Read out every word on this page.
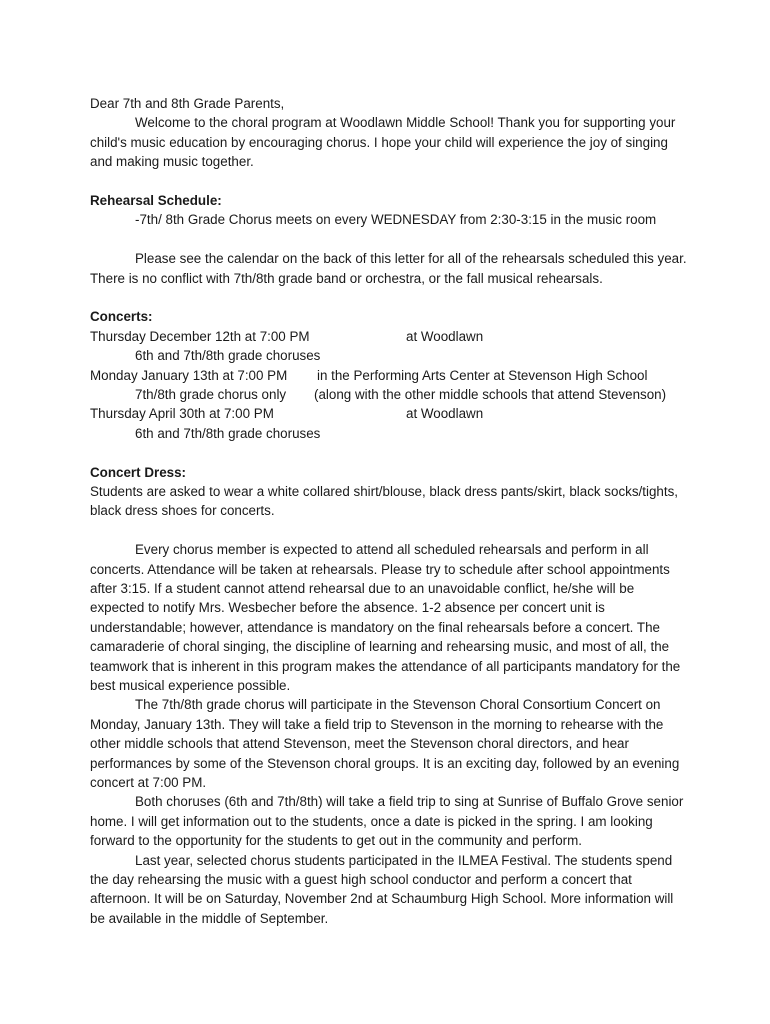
Dear 7th and 8th Grade Parents,

Welcome to the choral program at Woodlawn Middle School! Thank you for supporting your child's music education by encouraging chorus. I hope your child will experience the joy of singing and making music together.

Rehearsal Schedule:

-7th/ 8th Grade Chorus meets on every WEDNESDAY from 2:30-3:15 in the music room

Please see the calendar on the back of this letter for all of the rehearsals scheduled this year. There is no conflict with 7th/8th grade band or orchestra, or the fall musical rehearsals.

Concerts:

Thursday December 12th at 7:00 PM	at Woodlawn
6th and 7th/8th grade choruses
Monday January 13th at 7:00 PM in the Performing Arts Center at Stevenson High School
7th/8th grade chorus only (along with the other middle schools that attend Stevenson)
Thursday April 30th at 7:00 PM	at Woodlawn
6th and 7th/8th grade choruses

Concert Dress:

Students are asked to wear a white collared shirt/blouse, black dress pants/skirt, black socks/tights, black dress shoes for concerts.

Every chorus member is expected to attend all scheduled rehearsals and perform in all concerts. Attendance will be taken at rehearsals. Please try to schedule after school appointments after 3:15. If a student cannot attend rehearsal due to an unavoidable conflict, he/she will be expected to notify Mrs. Wesbecher before the absence. 1-2 absence per concert unit is understandable; however, attendance is mandatory on the final rehearsals before a concert. The camaraderie of choral singing, the discipline of learning and rehearsing music, and most of all, the teamwork that is inherent in this program makes the attendance of all participants mandatory for the best musical experience possible.

The 7th/8th grade chorus will participate in the Stevenson Choral Consortium Concert on Monday, January 13th. They will take a field trip to Stevenson in the morning to rehearse with the other middle schools that attend Stevenson, meet the Stevenson choral directors, and hear performances by some of the Stevenson choral groups. It is an exciting day, followed by an evening concert at 7:00 PM.

Both choruses (6th and 7th/8th) will take a field trip to sing at Sunrise of Buffalo Grove senior home. I will get information out to the students, once a date is picked in the spring. I am looking forward to the opportunity for the students to get out in the community and perform.

Last year, selected chorus students participated in the ILMEA Festival. The students spend the day rehearsing the music with a guest high school conductor and perform a concert that afternoon. It will be on Saturday, November 2nd at Schaumburg High School. More information will be available in the middle of September.
